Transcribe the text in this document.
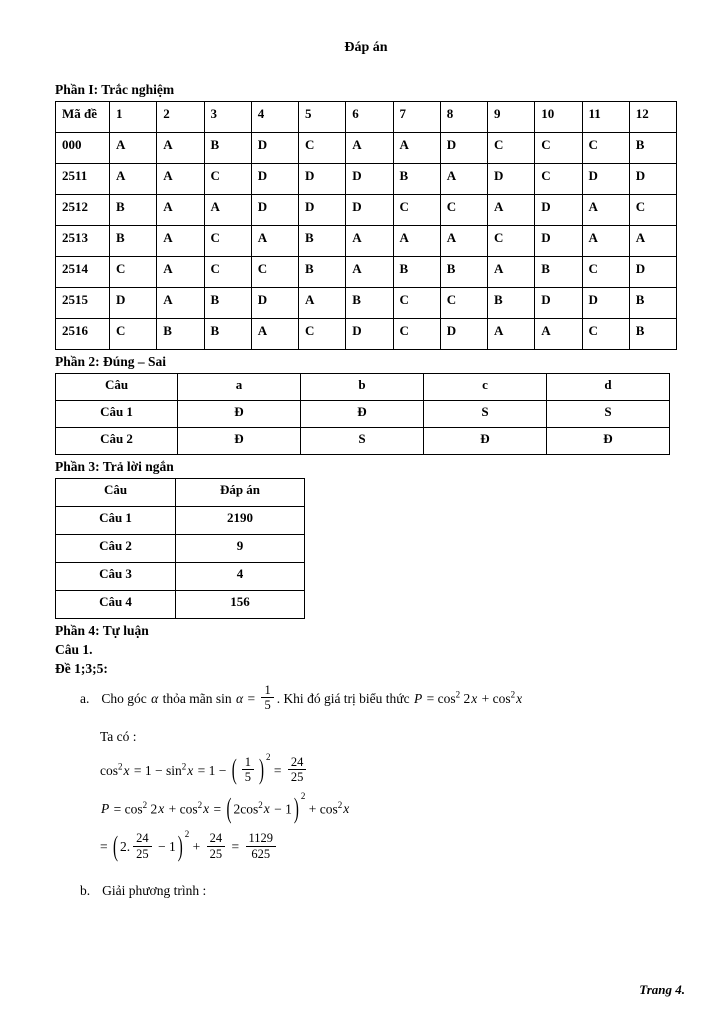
Đáp án
Phần I: Trắc nghiệm
Mã đề	1	2	3	4	5	6	7	8	9	10	11	12
000	A	A	B	D	C	A	A	D	C	C	C	B
2511	A	A	C	D	D	D	B	A	D	C	D	D
2512	B	A	A	D	D	D	C	C	A	D	A	C
2513	B	A	C	A	B	A	A	A	C	D	A	A
2514	C	A	C	C	B	A	B	B	A	B	C	D
2515	D	A	B	D	A	B	C	C	B	D	D	B
2516	C	B	B	A	C	D	C	D	A	A	C	B
Phần 2: Đúng – Sai
Câu	a	b	c	d
Câu 1	Đ	Đ	S	S
Câu 2	Đ	S	Đ	Đ
Phần 3: Trả lời ngắn
Câu	Đáp án
Câu 1	2190
Câu 2	9
Câu 3	4
Câu 4	156
Phần 4: Tự luận
Câu 1.
Đề 1;3;5:
a. Cho góc α thỏa mãn $\sin \alpha = \frac{1}{5}$ . Khi đó giá trị biểu thức $P = \cos^2 2x + \cos^2x$
Ta có :
$\cos^2x = 1 - \sin^2x = 1$ − ( $\frac{1}{5}$ ) $^2 = \frac{24}{25}$
$P = \cos^2 2x + \cos^2x$ = ( $2\cos^2x - 1$ ) $^2 + \cos^2x$
= ( 2. $\frac{24}{25} - 1$ ) $^2 + \frac{24}{25} = \frac{1129}{625}$
b. Giải phương trình :
Trang 4.
